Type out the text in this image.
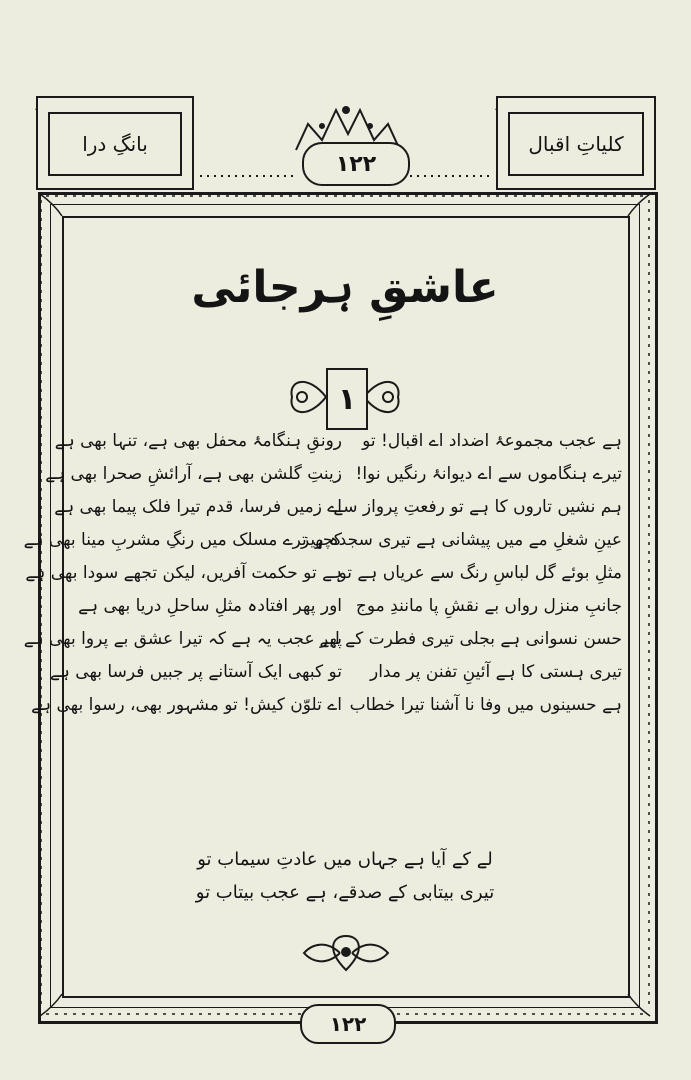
بانگِ درا	کلیاتِ اقبال
۱۲۲
عاشقِ ہرجائی
۱
ہے عجب مجموعۂ اضداد اے اقبال! تو
تیرے ہنگاموں سے اے دیوانۂ رنگیں نوا!
ہم نشیں تاروں کا ہے تو رفعتِ پرواز سے
عینِ شغلِ مے میں پیشانی ہے تیری سجدہ ریز
مثلِ بوئے گل لباسِ رنگ سے عریاں ہے تو
جانبِ منزل رواں بے نقشِ پا مانندِ موج
حسن نسوانی ہے بجلی تیری فطرت کے لیے
تیری ہستی کا ہے آئینِ تفنن پر مدار
ہے حسینوں میں وفا نا آشنا تیرا خطاب
رونقِ ہنگامۂ محفل بھی ہے، تنہا بھی ہے
زینتِ گلشن بھی ہے، آرائشِ صحرا بھی ہے
اے زمیں فرسا، قدم تیرا فلک پیما بھی ہے
کچھ ترے مسلک میں رنگِ مشربِ مینا بھی ہے
ہے تو حکمت آفریں، لیکن تجھے سودا بھی ہے
اور پھر افتادہ مثلِ ساحلِ دریا بھی ہے
پھر عجب یہ ہے کہ تیرا عشق بے پروا بھی ہے
تو کبھی ایک آستانے پر جبیں فرسا بھی ہے
اے تلوّن کیش! تو مشہور بھی، رسوا بھی ہے
لے کے آیا ہے جہاں میں عادتِ سیماب تو
تیری بیتابی کے صدقے، ہے عجب بیتاب تو
۱۲۲
